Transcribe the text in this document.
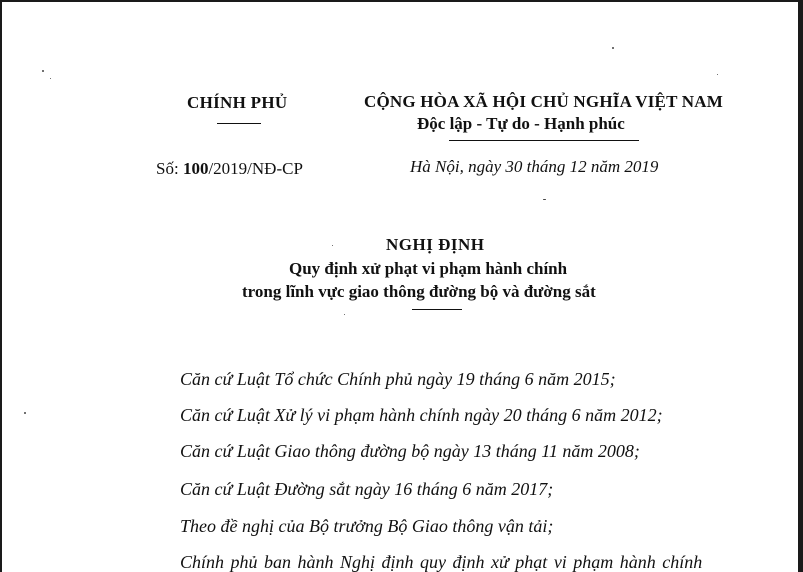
CHÍNH PHỦ	CỘNG HÒA XÃ HỘI CHỦ NGHĨA VIỆT NAM
Độc lập - Tự do - Hạnh phúc
Số: 100/2019/NĐ-CP	Hà Nội, ngày 30 tháng 12 năm 2019
NGHỊ ĐỊNH
Quy định xử phạt vi phạm hành chính
trong lĩnh vực giao thông đường bộ và đường sắt
Căn cứ Luật Tổ chức Chính phủ ngày 19 tháng 6 năm 2015;
Căn cứ Luật Xử lý vi phạm hành chính ngày 20 tháng 6 năm 2012;
Căn cứ Luật Giao thông đường bộ ngày 13 tháng 11 năm 2008;
Căn cứ Luật Đường sắt ngày 16 tháng 6 năm 2017;
Theo đề nghị của Bộ trưởng Bộ Giao thông vận tải;
Chính phủ ban hành Nghị định quy định xử phạt vi phạm hành chính
